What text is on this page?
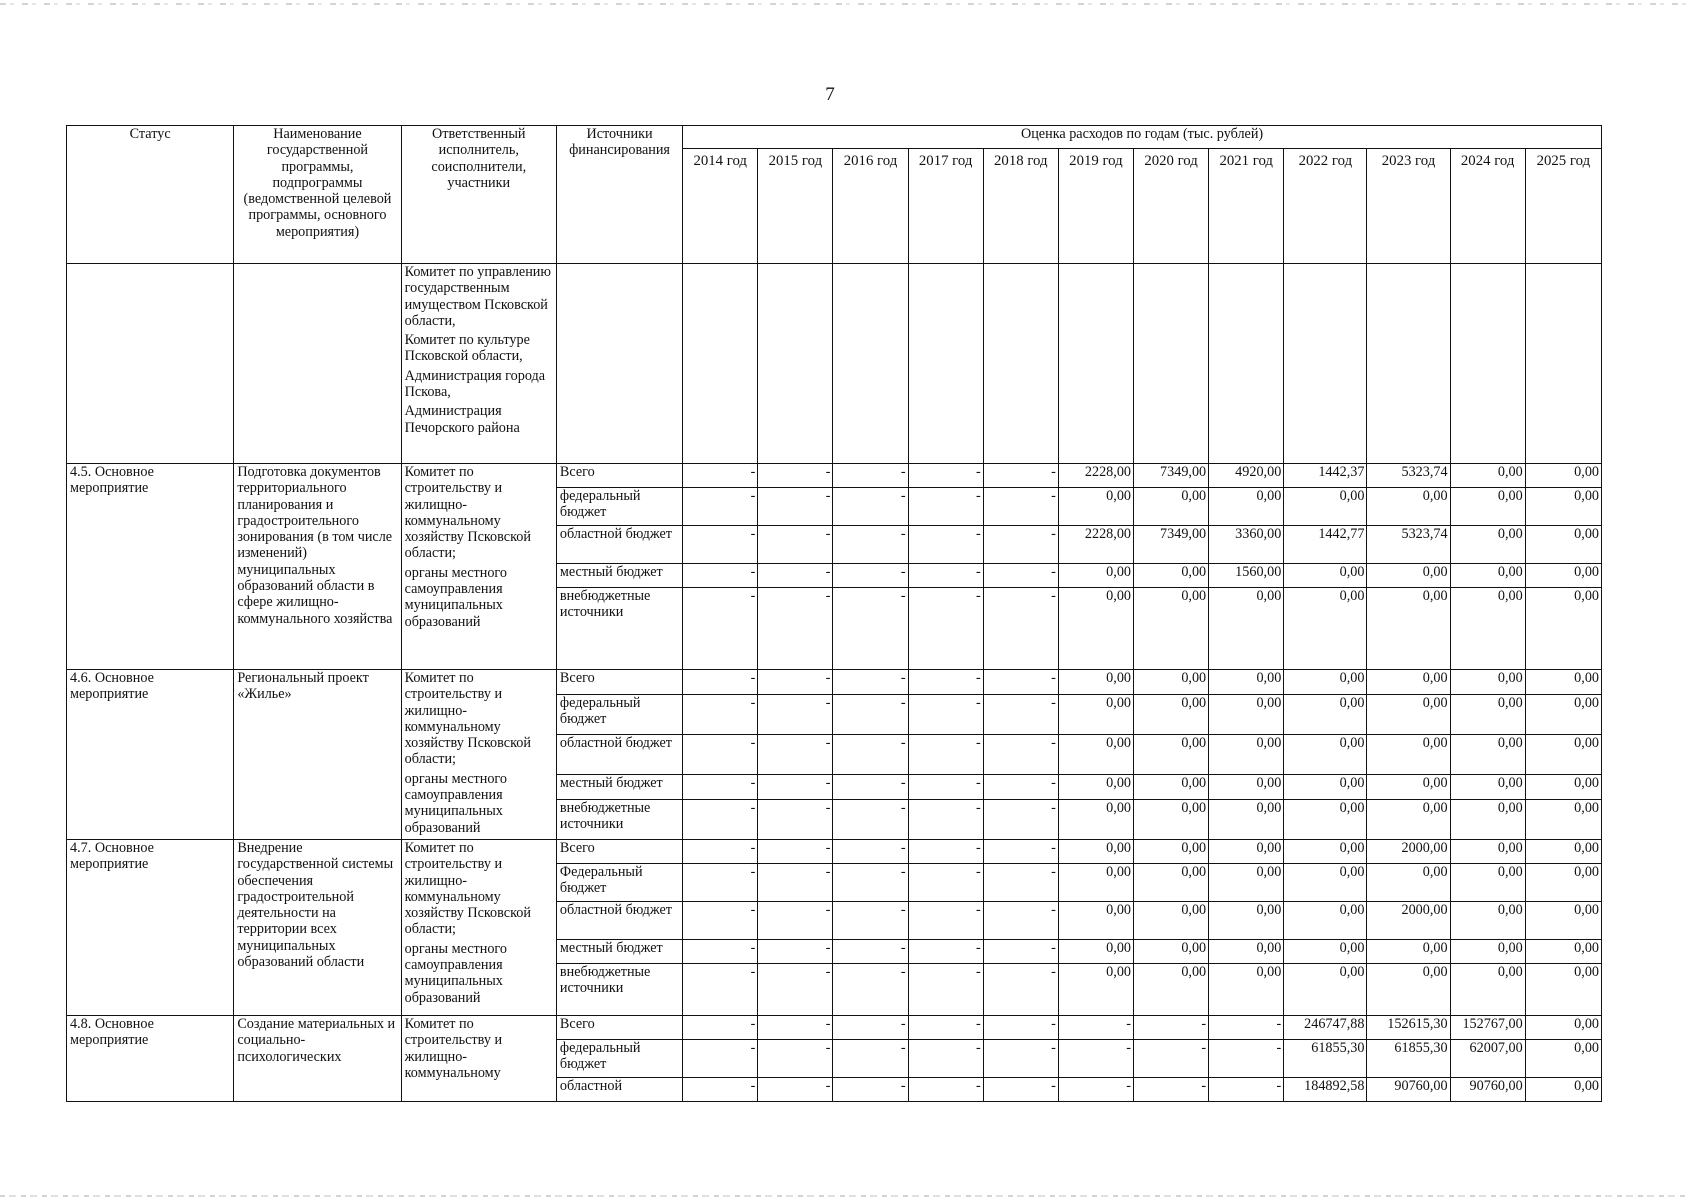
7
Статус	Наименование государственной программы, подпрограммы (ведомственной целевой программы, основного мероприятия)	Ответственный исполнитель, соисполнители, участники	Источники финансирования	Оценка расходов по годам (тыс. рублей)											
				2014 год	2015 год	2016 год	2017 год	2018 год	2019 год	2020 год	2021 год	2022 год	2023 год	2024 год	2025 год

		Комитет по управлению государственным имуществом Псковской области,

Комитет по культуре Псковской области,

Администрация города Пскова,

Администрация Печорского района													

4.5. Основное мероприятие	Подготовка документов территориального планирования и градостроительного зонирования (в том числе изменений) муниципальных образований области в сфере жилищно-коммунального хозяйства	Комитет по строительству и жилищно-коммунальному хозяйству Псковской области;

органы местного самоуправления муниципальных образований	Всего	-	-	-	-	-	2228,00	7349,00	4920,00	1442,37	5323,74	0,00	0,00
			федеральный бюджет	-	-	-	-	-	0,00	0,00	0,00	0,00	0,00	0,00	0,00
			областной бюджет	-	-	-	-	-	2228,00	7349,00	3360,00	1442,77	5323,74	0,00	0,00
			местный бюджет	-	-	-	-	-	0,00	0,00	1560,00	0,00	0,00	0,00	0,00
			внебюджетные источники	-	-	-	-	-	0,00	0,00	0,00	0,00	0,00	0,00	0,00
4.6. Основное мероприятие	Региональный проект «Жилье»	Комитет по строительству и жилищно-коммунальному хозяйству Псковской области;

органы местного самоуправления муниципальных образований	Всего	-	-	-	-	-	0,00	0,00	0,00	0,00	0,00	0,00	0,00
			федеральный бюджет	-	-	-	-	-	0,00	0,00	0,00	0,00	0,00	0,00	0,00
			областной бюджет	-	-	-	-	-	0,00	0,00	0,00	0,00	0,00	0,00	0,00
			местный бюджет	-	-	-	-	-	0,00	0,00	0,00	0,00	0,00	0,00	0,00
			внебюджетные источники	-	-	-	-	-	0,00	0,00	0,00	0,00	0,00	0,00	0,00
4.7. Основное мероприятие	Внедрение государственной системы обеспечения градостроительной деятельности на территории всех муниципальных образований области	Комитет по строительству и жилищно-коммунальному хозяйству Псковской области;

органы местного самоуправления муниципальных образований	Всего	-	-	-	-	-	0,00	0,00	0,00	0,00	2000,00	0,00	0,00
			Федеральный бюджет	-	-	-	-	-	0,00	0,00	0,00	0,00	0,00	0,00	0,00
			областной бюджет	-	-	-	-	-	0,00	0,00	0,00	0,00	2000,00	0,00	0,00
			местный бюджет	-	-	-	-	-	0,00	0,00	0,00	0,00	0,00	0,00	0,00
			внебюджетные источники	-	-	-	-	-	0,00	0,00	0,00	0,00	0,00	0,00	0,00
4.8. Основное мероприятие	Создание материальных и социально-психологических	Комитет по строительству и жилищно-коммунальному	Всего	-	-	-	-	-	-	-	-	246747,88	152615,30	152767,00	0,00
			федеральный бюджет	-	-	-	-	-	-	-	-	61855,30	61855,30	62007,00	0,00
			областной	-	-	-	-	-	-	-	-	184892,58	90760,00	90760,00	0,00
